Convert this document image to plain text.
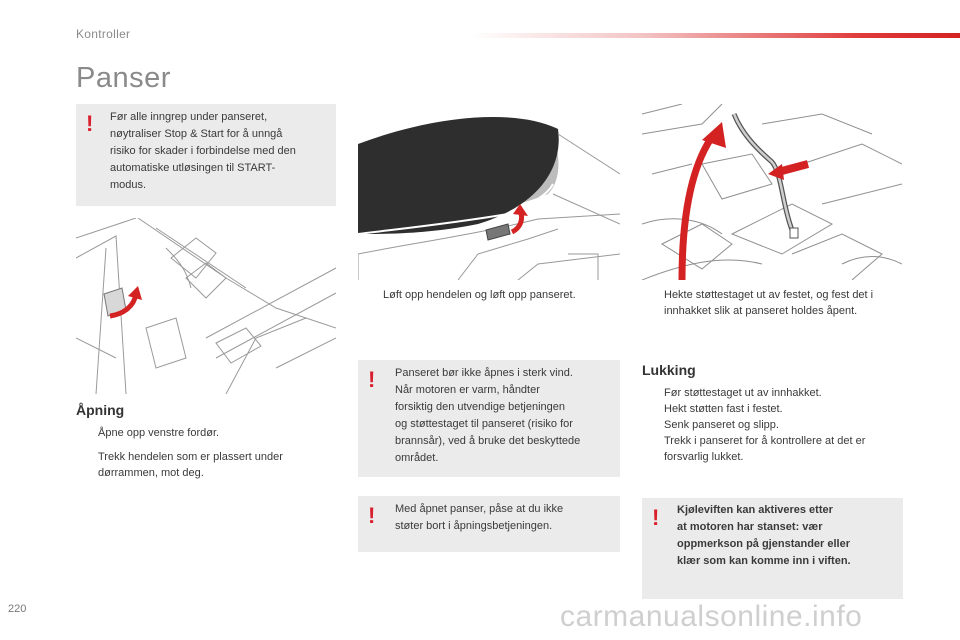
Kontroller
Panser
! Før alle inngrep under panseret,
nøytraliser Stop & Start for å unngå
risiko for skader i forbindelse med den
automatiske utløsingen til START-
modus.
Åpning
Åpne opp venstre fordør.
Trekk hendelen som er plassert under
dørrammen, mot deg.
Løft opp hendelen og løft opp panseret.
! Panseret bør ikke åpnes i sterk vind.
Når motoren er varm, håndter
forsiktig den utvendige betjeningen
og støttestaget til panseret (risiko for
brannsår), ved å bruke det beskyttede
området.
! Med åpnet panser, påse at du ikke
støter bort i åpningsbetjeningen.
Hekte støttestaget ut av festet, og fest det i
innhakket slik at panseret holdes åpent.
Lukking
Før støttestaget ut av innhakket.
Hekt støtten fast i festet.
Senk panseret og slipp.
Trekk i panseret for å kontrollere at det er
forsvarlig lukket.
! Kjøleviften kan aktiveres etter
at motoren har stanset: vær
oppmerkson på gjenstander eller
klær som kan komme inn i viften.
220	carmanualsonline.info
